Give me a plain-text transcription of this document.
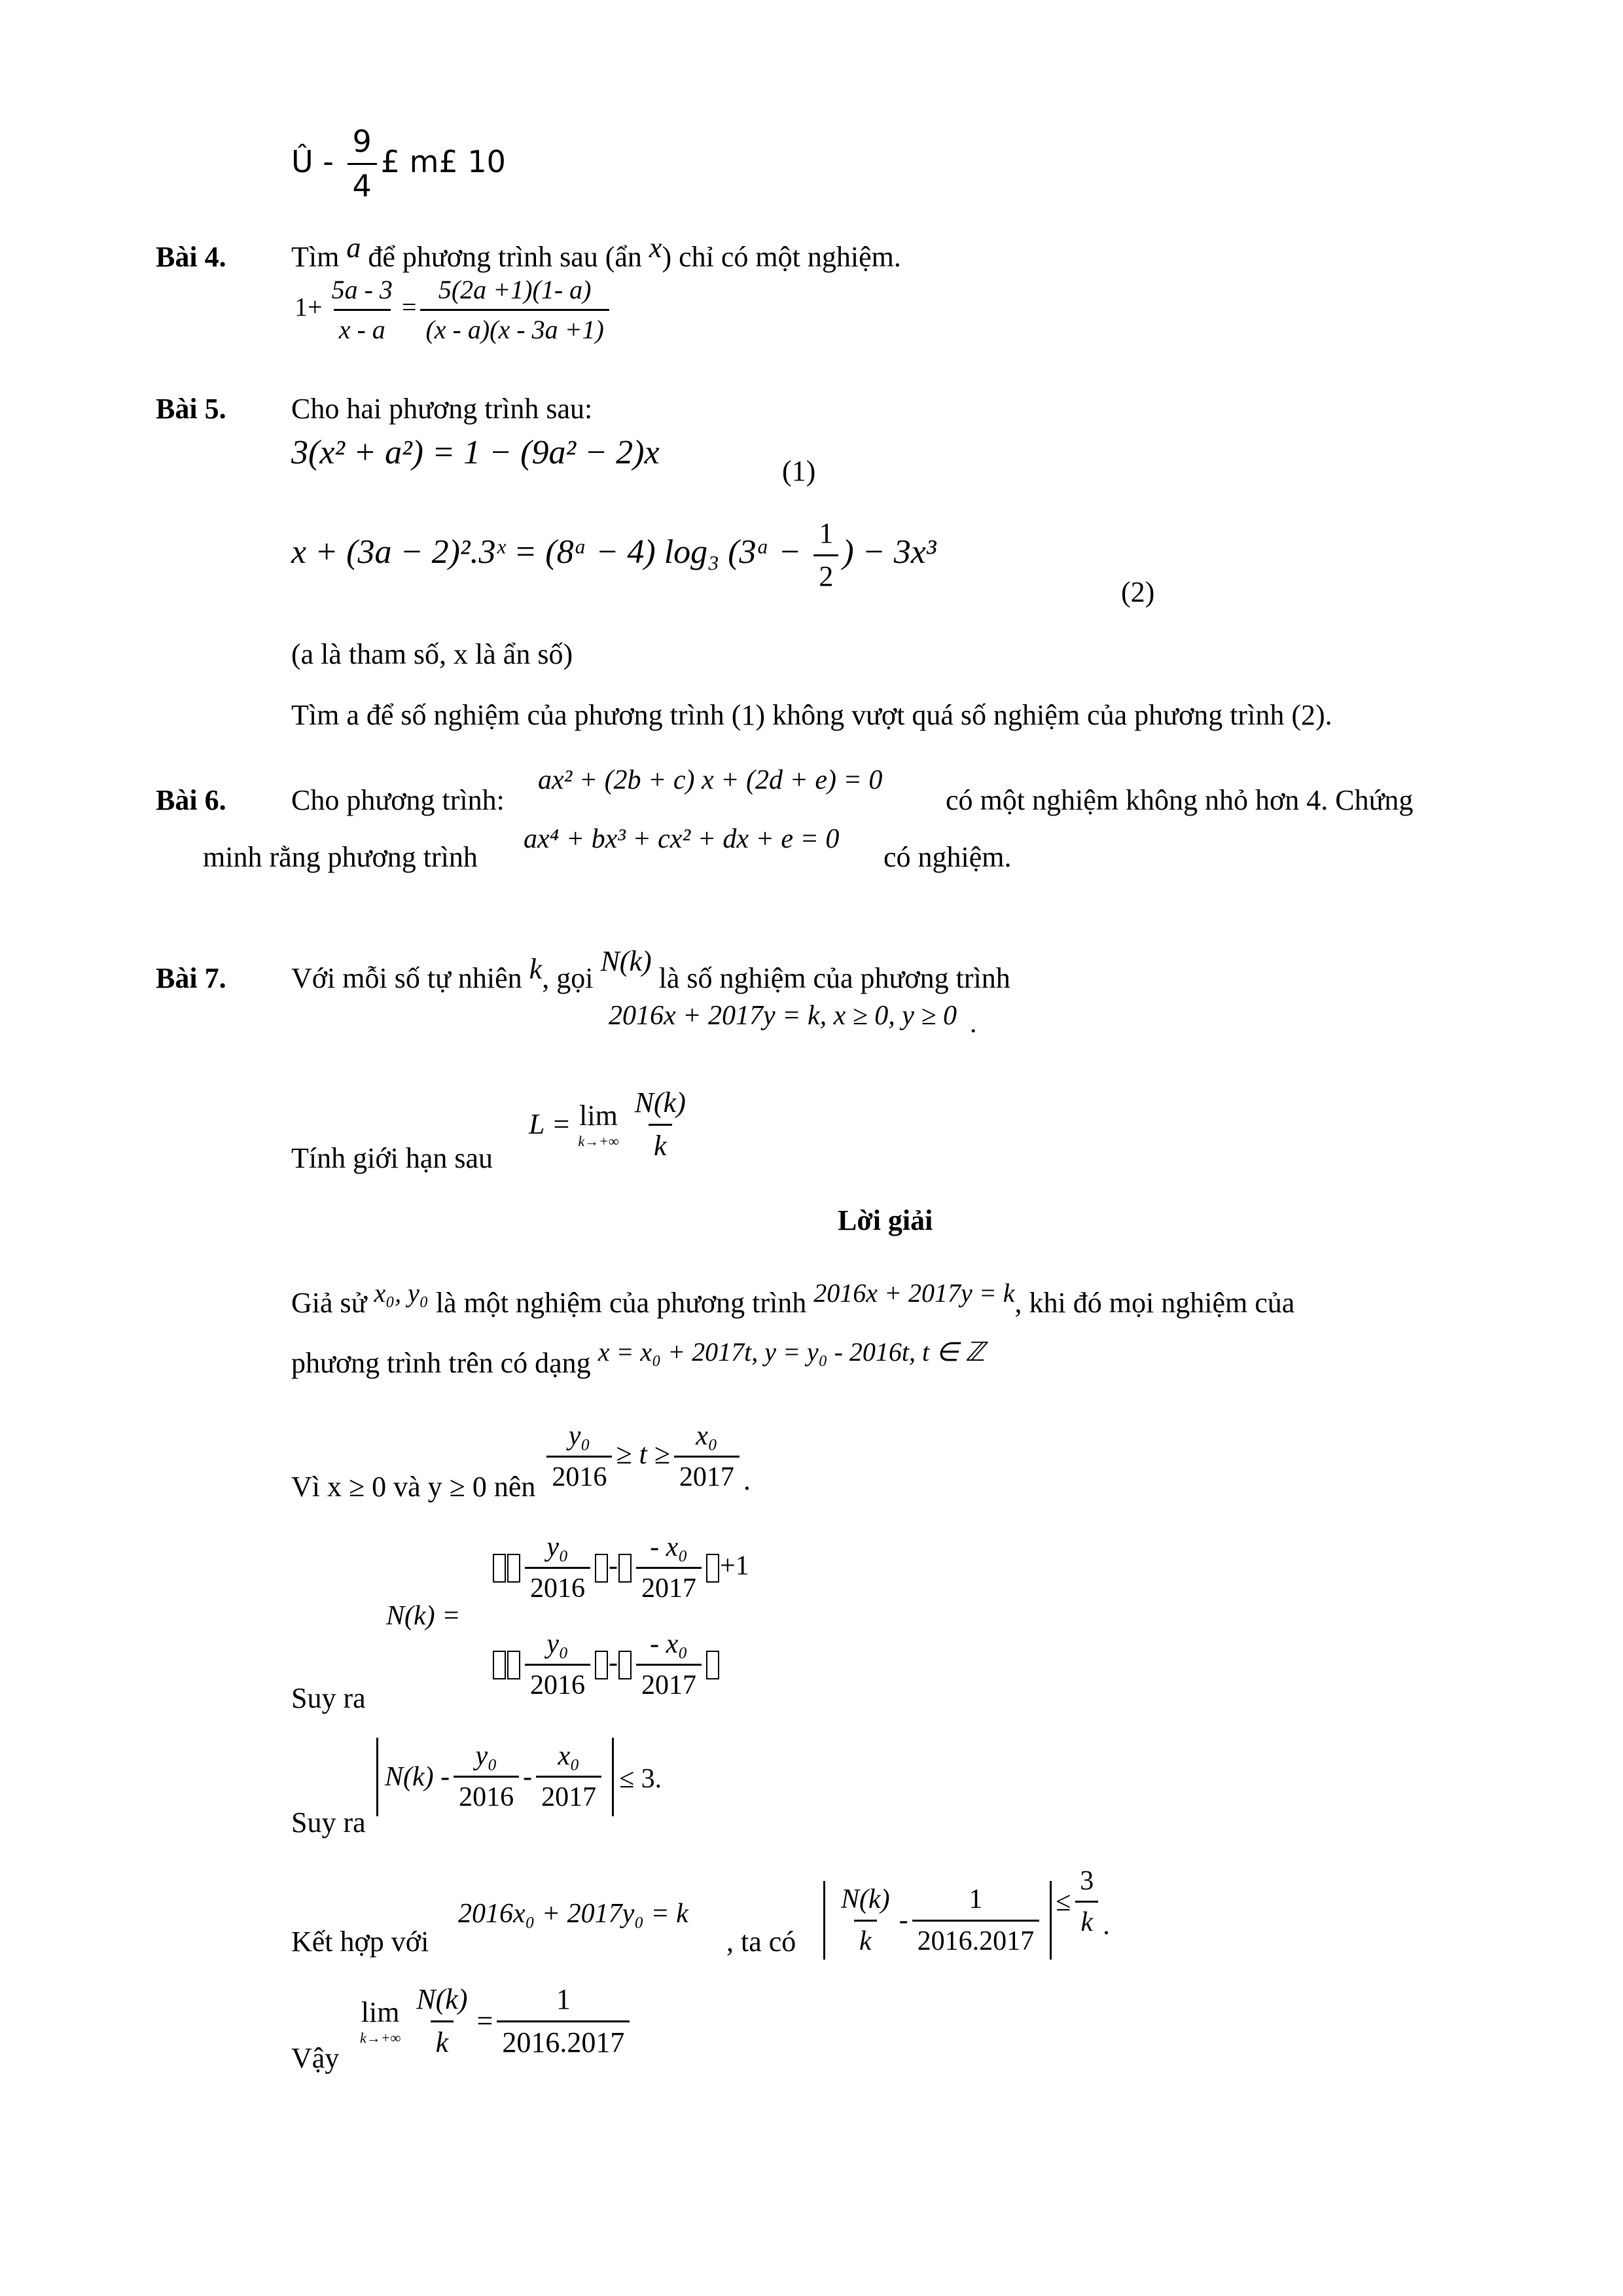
Û - $\frac{9}{4}$ £ m£ 10
Bài 4. Tìm a để phương trình sau (ẩn x) chỉ có một nghiệm.
$1+ \frac{5a - 3}{x - a} = \frac{5(2a +1)(1- a)}{(x - a)(x - 3a +1)}$
Bài 5. Cho hai phương trình sau:
3(x² + a²) = 1 − (9a² − 2)x	(1)
x + (3a − 2)².3ˣ = (8ᵃ − 4) log₃ (3ᵃ − $\frac{1}{2}$ ) − 3x³
(2)
(a là tham số, x là ẩn số)
Tìm a để số nghiệm của phương trình (1) không vượt quá số nghiệm của phương trình (2).
Bài 6. Cho phương trình:
ax² + (2b + c) x + (2d + e) = 0
có một nghiệm không nhỏ hơn 4. Chứng
minh rằng phương trình
ax⁴ + bx³ + cx² + dx + e = 0
có nghiệm.
Bài 7. Với mỗi số tự nhiên k, gọi N(k) là số nghiệm của phương trình
2016x + 2017y = k, x ≥ 0, y ≥ 0 .
Tính giới hạn sau
L = lim
$k\to+\infty \frac{N(k)}{k}$
Lời giải
Giả sử x₀, y₀ là một nghiệm của phương trình 2016x + 2017y = k, khi đó mọi nghiệm của
phương trình trên có dạng x = x₀ + 2017t, y = y₀ - 2016t, t ∈ ℤ
Vì x ≥ 0 và y ≥ 0 nên $\frac{\text{y₀}}{2016} \ge t \ge \frac{\text{x₀}}{2017}$ .
N(k) =
$\frac{\text{y₀}}{2016} - \frac{\text{- x₀}}{2017} +1$
$\frac{\text{y₀}}{2016} - \frac{\text{- x₀}}{2017}$
Suy ra
Suy ra
$N(k) - \frac{\text{y₀}}{2016} - \frac{\text{x₀}}{2017} \le 3$.
Kết hợp với
2016x₀ + 2017y₀ = k
, ta có $\frac{N(k)}{k} - \frac{1}{2016.2017} \le \frac{3}{k}$ .
Vậy
lim
$k\to+\infty \frac{N(k)}{k} = \frac{1}{2016.2017}$
